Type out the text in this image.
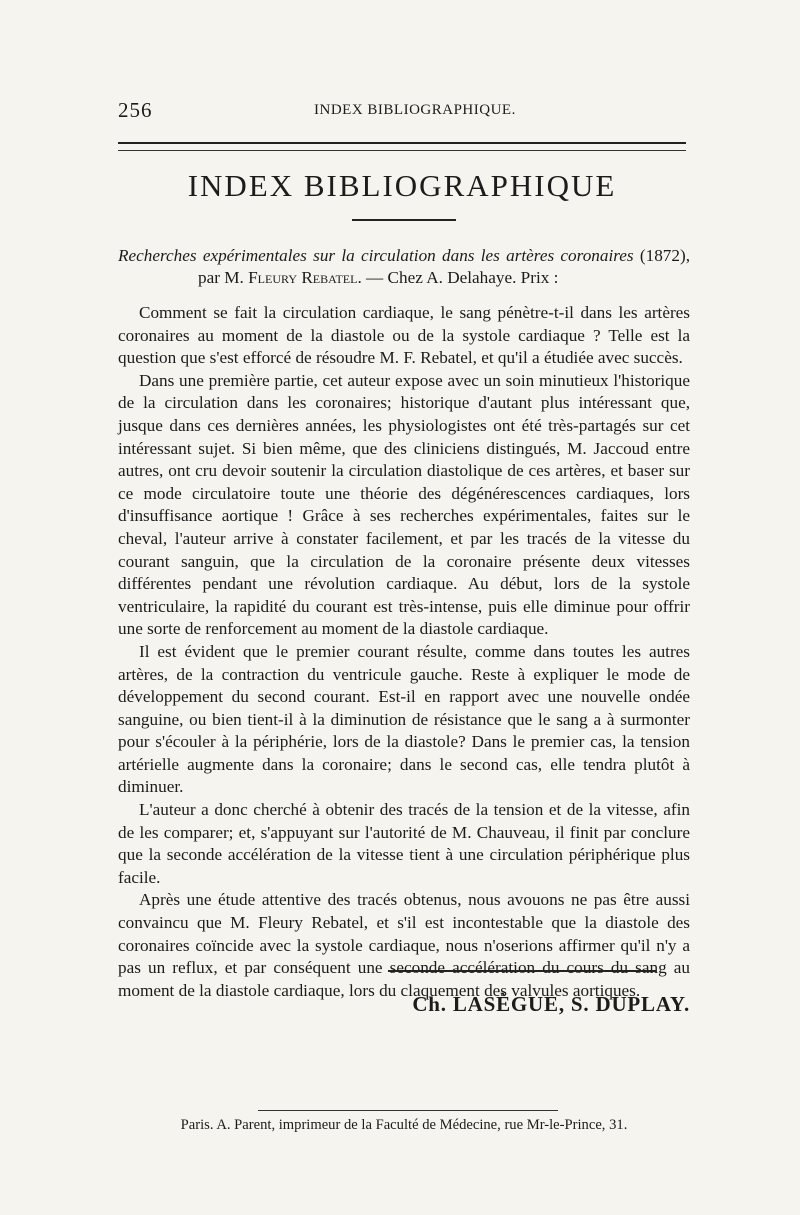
256	INDEX BIBLIOGRAPHIQUE.
INDEX BIBLIOGRAPHIQUE
Recherches expérimentales sur la circulation dans les artères coronaires (1872),
par M. Fleury Rebatel. — Chez A. Delahaye. Prix :

Comment se fait la circulation cardiaque, le sang pénètre-t-il dans les artères coronaires au moment de la diastole ou de la systole cardiaque ? Telle est la question que s'est efforcé de résoudre M. F. Rebatel, et qu'il a étudiée avec succès.

Dans une première partie, cet auteur expose avec un soin minutieux l'historique de la circulation dans les coronaires; historique d'autant plus intéressant que, jusque dans ces dernières années, les physiologistes ont été très-partagés sur cet intéressant sujet. Si bien même, que des cliniciens distingués, M. Jaccoud entre autres, ont cru devoir soutenir la circulation diastolique de ces artères, et baser sur ce mode circulatoire toute une théorie des dégénérescences cardiaques, lors d'insuffisance aortique ! Grâce à ses recherches expérimentales, faites sur le cheval, l'auteur arrive à constater facilement, et par les tracés de la vitesse du courant sanguin, que la circulation de la coronaire présente deux vitesses différentes pendant une révolution cardiaque. Au début, lors de la systole ventriculaire, la rapidité du courant est très-intense, puis elle diminue pour offrir une sorte de renforcement au moment de la diastole cardiaque.

Il est évident que le premier courant résulte, comme dans toutes les autres artères, de la contraction du ventricule gauche. Reste à expliquer le mode de développement du second courant. Est-il en rapport avec une nouvelle ondée sanguine, ou bien tient-il à la diminution de résistance que le sang a à surmonter pour s'écouler à la périphérie, lors de la diastole? Dans le premier cas, la tension artérielle augmente dans la coronaire; dans le second cas, elle tendra plutôt à diminuer.

L'auteur a donc cherché à obtenir des tracés de la tension et de la vitesse, afin de les comparer; et, s'appuyant sur l'autorité de M. Chauveau, il finit par conclure que la seconde accélération de la vitesse tient à une circulation périphérique plus facile.

Après une étude attentive des tracés obtenus, nous avouons ne pas être aussi convaincu que M. Fleury Rebatel, et s'il est incontestable que la diastole des coronaires coïncide avec la systole cardiaque, nous n'oserions affirmer qu'il n'y a pas un reflux, et par conséquent une seconde accélération du cours du sang au moment de la diastole cardiaque, lors du claquement des valvules aortiques.

Ch. LASÈGUE, S. DUPLAY.
Paris. A. Parent, imprimeur de la Faculté de Médecine, rue Mr-le-Prince, 31.
